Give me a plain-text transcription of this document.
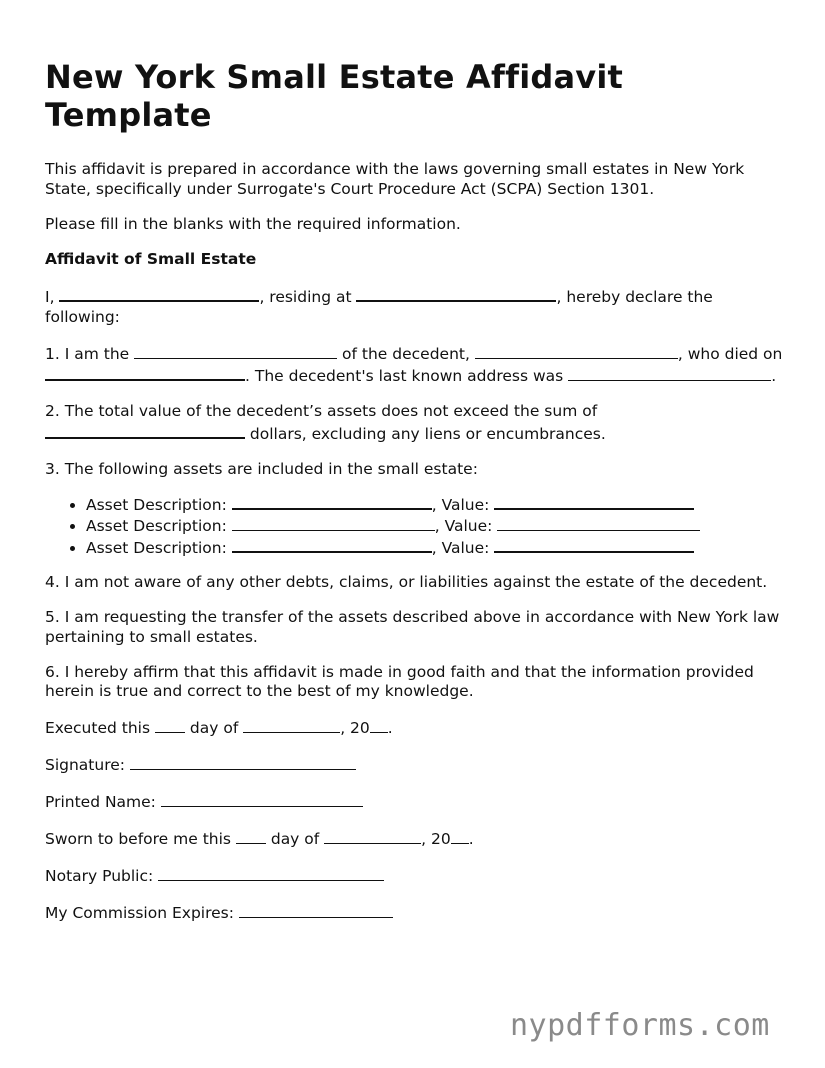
New York Small Estate Affidavit Template

This affidavit is prepared in accordance with the laws governing small estates in New York State, specifically under Surrogate's Court Procedure Act (SCPA) Section 1301.

Please fill in the blanks with the required information.

Affidavit of Small Estate

I,	, residing at	, hereby declare the following:

1. I am the	of the decedent,	, who died on . The decedent's last known address was	.

2. The total value of the decedent’s assets does not exceed the sum of  dollars, excluding any liens or encumbrances.

3. The following assets are included in the small estate:

• Asset Description:	, Value:
• Asset Description:	, Value:
• Asset Description:	, Value:

4. I am not aware of any other debts, claims, or liabilities against the estate of the decedent.

5. I am requesting the transfer of the assets described above in accordance with New York law pertaining to small estates.

6. I hereby affirm that this affidavit is made in good faith and that the information provided herein is true and correct to the best of my knowledge.

Executed this  day of	, 20 .

Signature:

Printed Name:

Sworn to before me this  day of	, 20 .

Notary Public:

My Commission Expires:

nypdfforms.com
